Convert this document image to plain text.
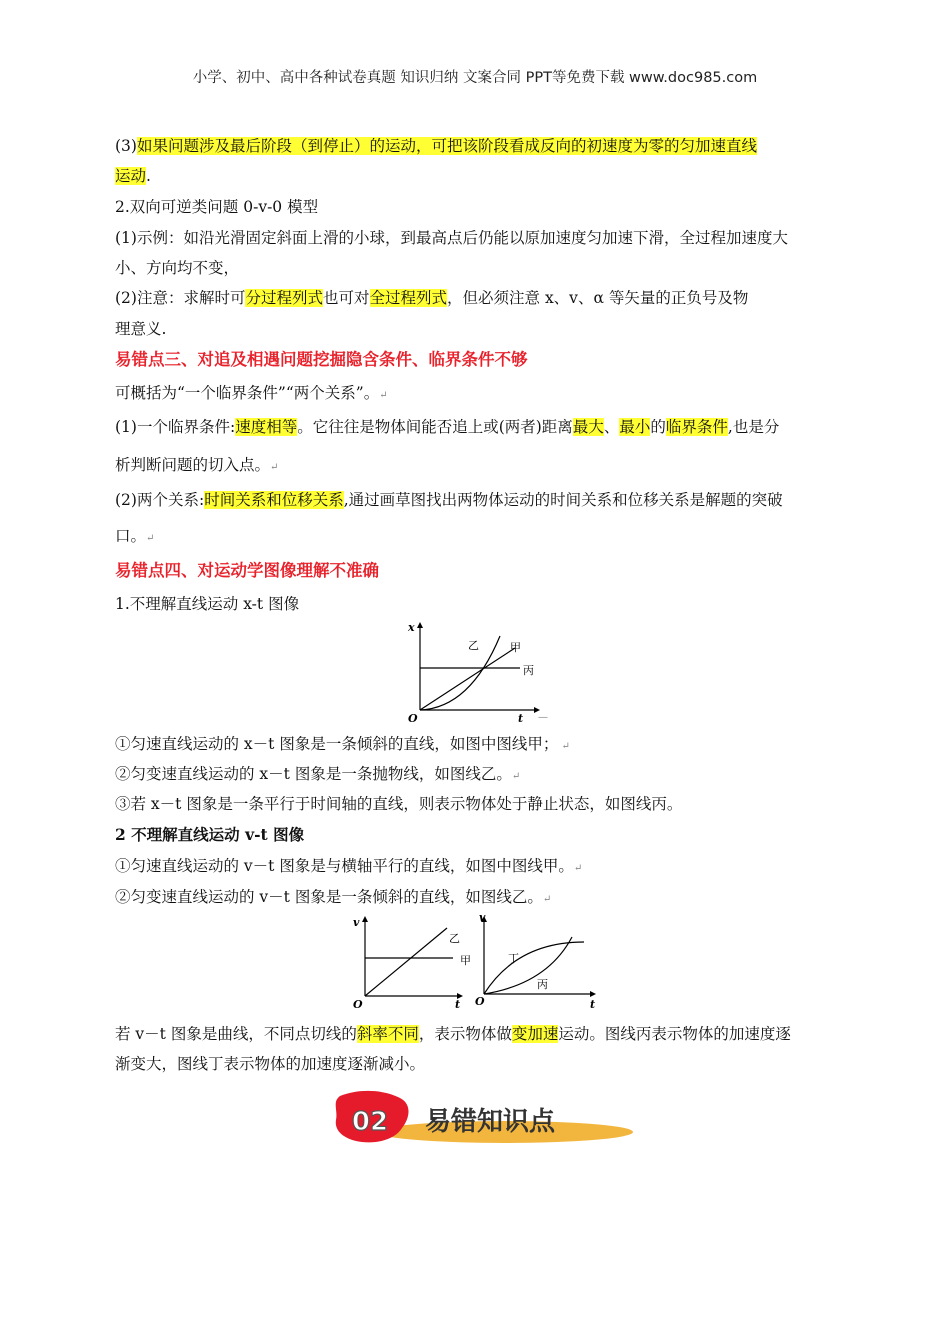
小学、初中、高中各种试卷真题 知识归纳 文案合同 PPT等免费下载 www.doc985.com

(3)如果问题涉及最后阶段（到停止）的运动，可把该阶段看成反向的初速度为零的匀加速直线

运动.

2.双向可逆类问题 0-v-0 模型

(1)示例：如沿光滑固定斜面上滑的小球，到最高点后仍能以原加速度匀加速下滑，全过程加速度大

小、方向均不变，

(2)注意：求解时可分过程列式也可对全过程列式，但必须注意 x、v、α 等矢量的正负号及物

理意义.

易错点三、对追及相遇问题挖掘隐含条件、临界条件不够

可概括为“一个临界条件”“两个关系”。↵

(1)一个临界条件:速度相等。它往往是物体间能否追上或(两者)距离最大、最小的临界条件,也是分

析判断问题的切入点。↵

(2)两个关系:时间关系和位移关系,通过画草图找出两物体运动的时间关系和位移关系是解题的突破

口。↵

易错点四、对运动学图像理解不准确

1.不理解直线运动 x-t 图像

x
t
O
甲
乙
丙
—

①匀速直线运动的 x－t 图象是一条倾斜的直线，如图中图线甲； ↵

②匀变速直线运动的 x－t 图象是一条抛物线，如图线乙。↵

③若 x－t 图象是一条平行于时间轴的直线，则表示物体处于静止状态，如图线丙。

2 不理解直线运动 v-t 图像

①匀速直线运动的 v－t 图象是与横轴平行的直线，如图中图线甲。↵

②匀变速直线运动的 v－t 图象是一条倾斜的直线，如图线乙。↵

v
t
O
甲
乙
v
t
O
丁
丙

若 v－t 图象是曲线，不同点切线的斜率不同，表示物体做变加速运动。图线丙表示物体的加速度逐

渐变大，图线丁表示物体的加速度逐渐减小。

02 易错知识点
